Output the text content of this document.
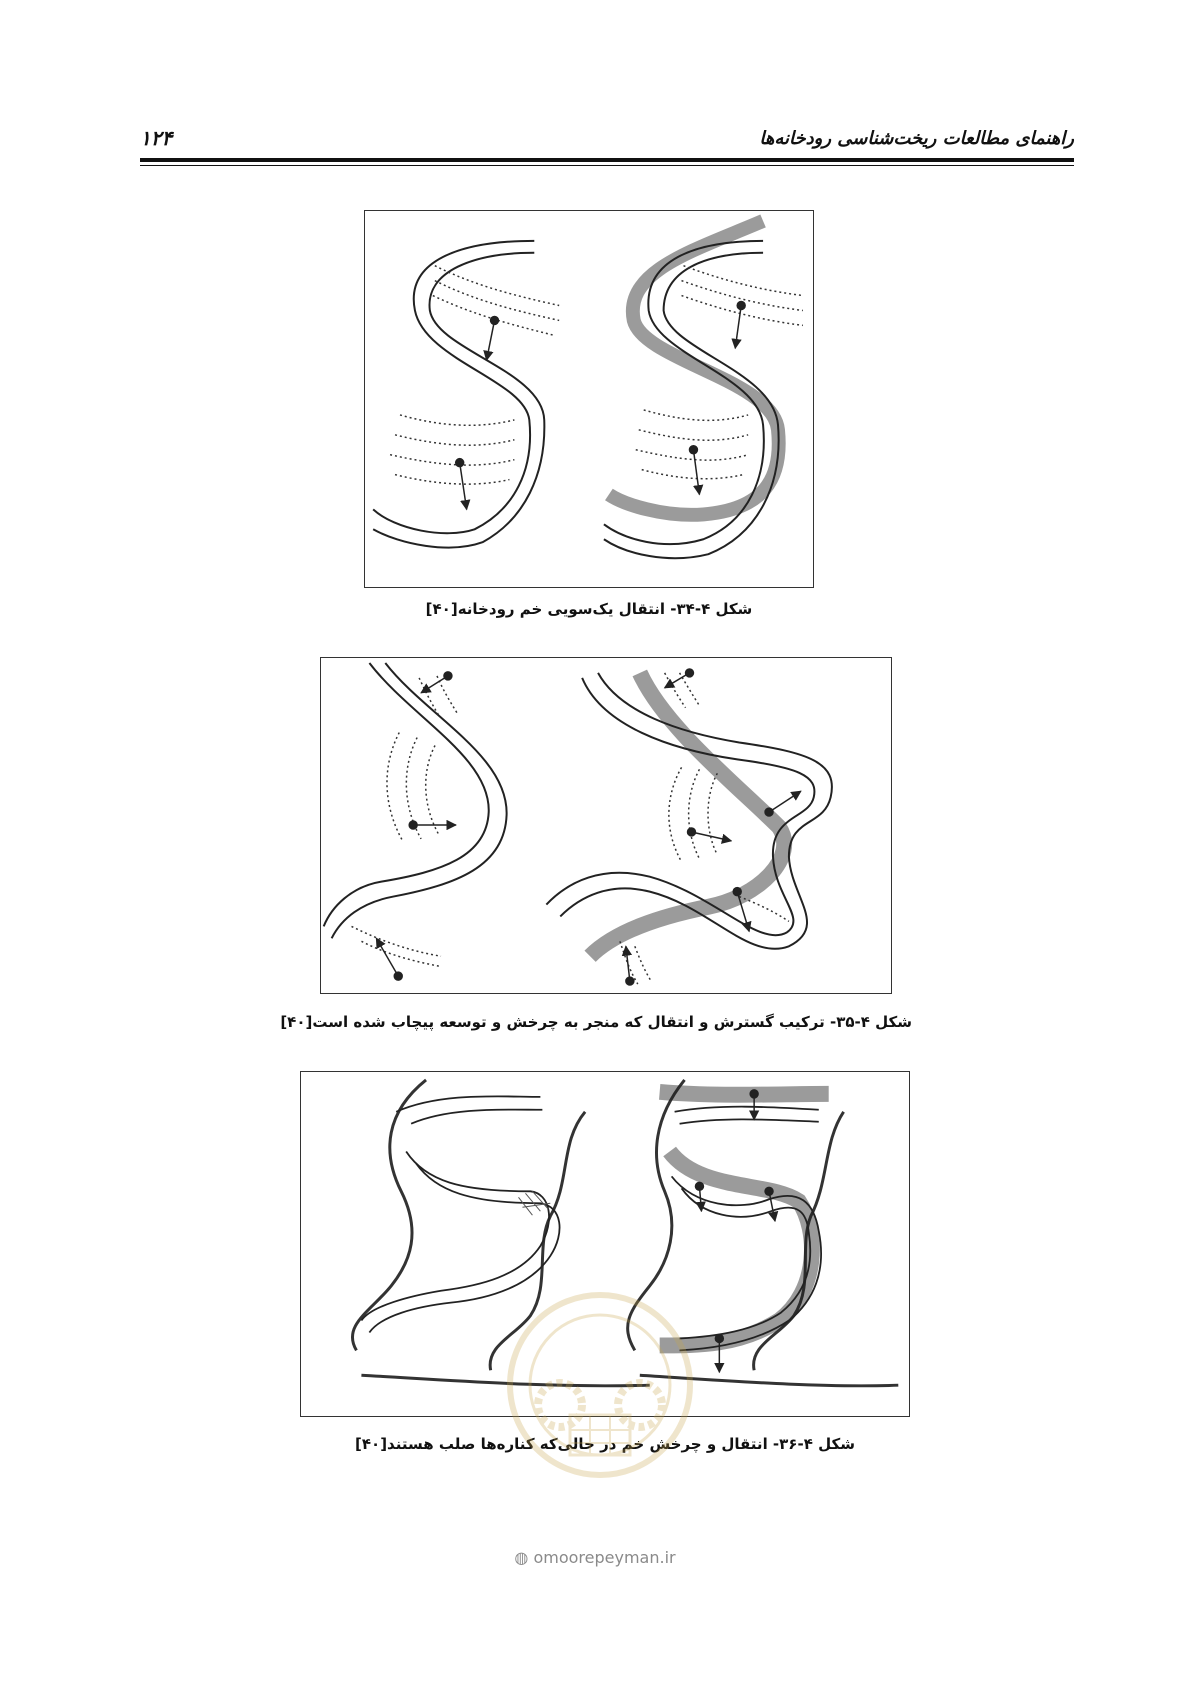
راهنمای مطالعات ریخت‌شناسی رودخانه‌ها
۱۲۴
شکل ۴-۳۴- انتقال یک‌سویی خم رودخانه[۴۰]
شکل ۴-۳۵- ترکیب گسترش و انتقال که منجر به چرخش و توسعه پیچاب شده است[۴۰]
شکل ۴-۳۶- انتقال و چرخش خم در حالی‌که کناره‌ها صلب هستند[۴۰]
◍ omoorepeyman.ir
